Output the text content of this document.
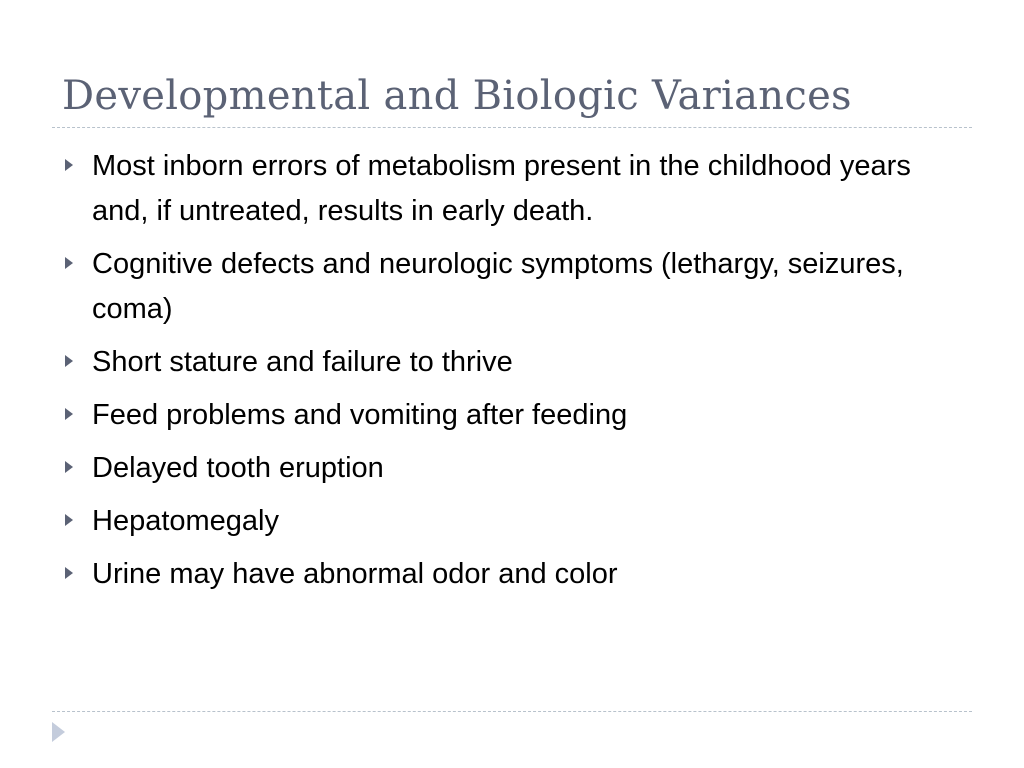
Developmental and Biologic Variances
Most inborn errors of metabolism present in the childhood years and, if untreated, results in early death.
Cognitive defects and neurologic symptoms (lethargy, seizures, coma)
Short stature and failure to thrive
Feed problems and vomiting after feeding
Delayed tooth eruption
Hepatomegaly
Urine may have abnormal odor and color
